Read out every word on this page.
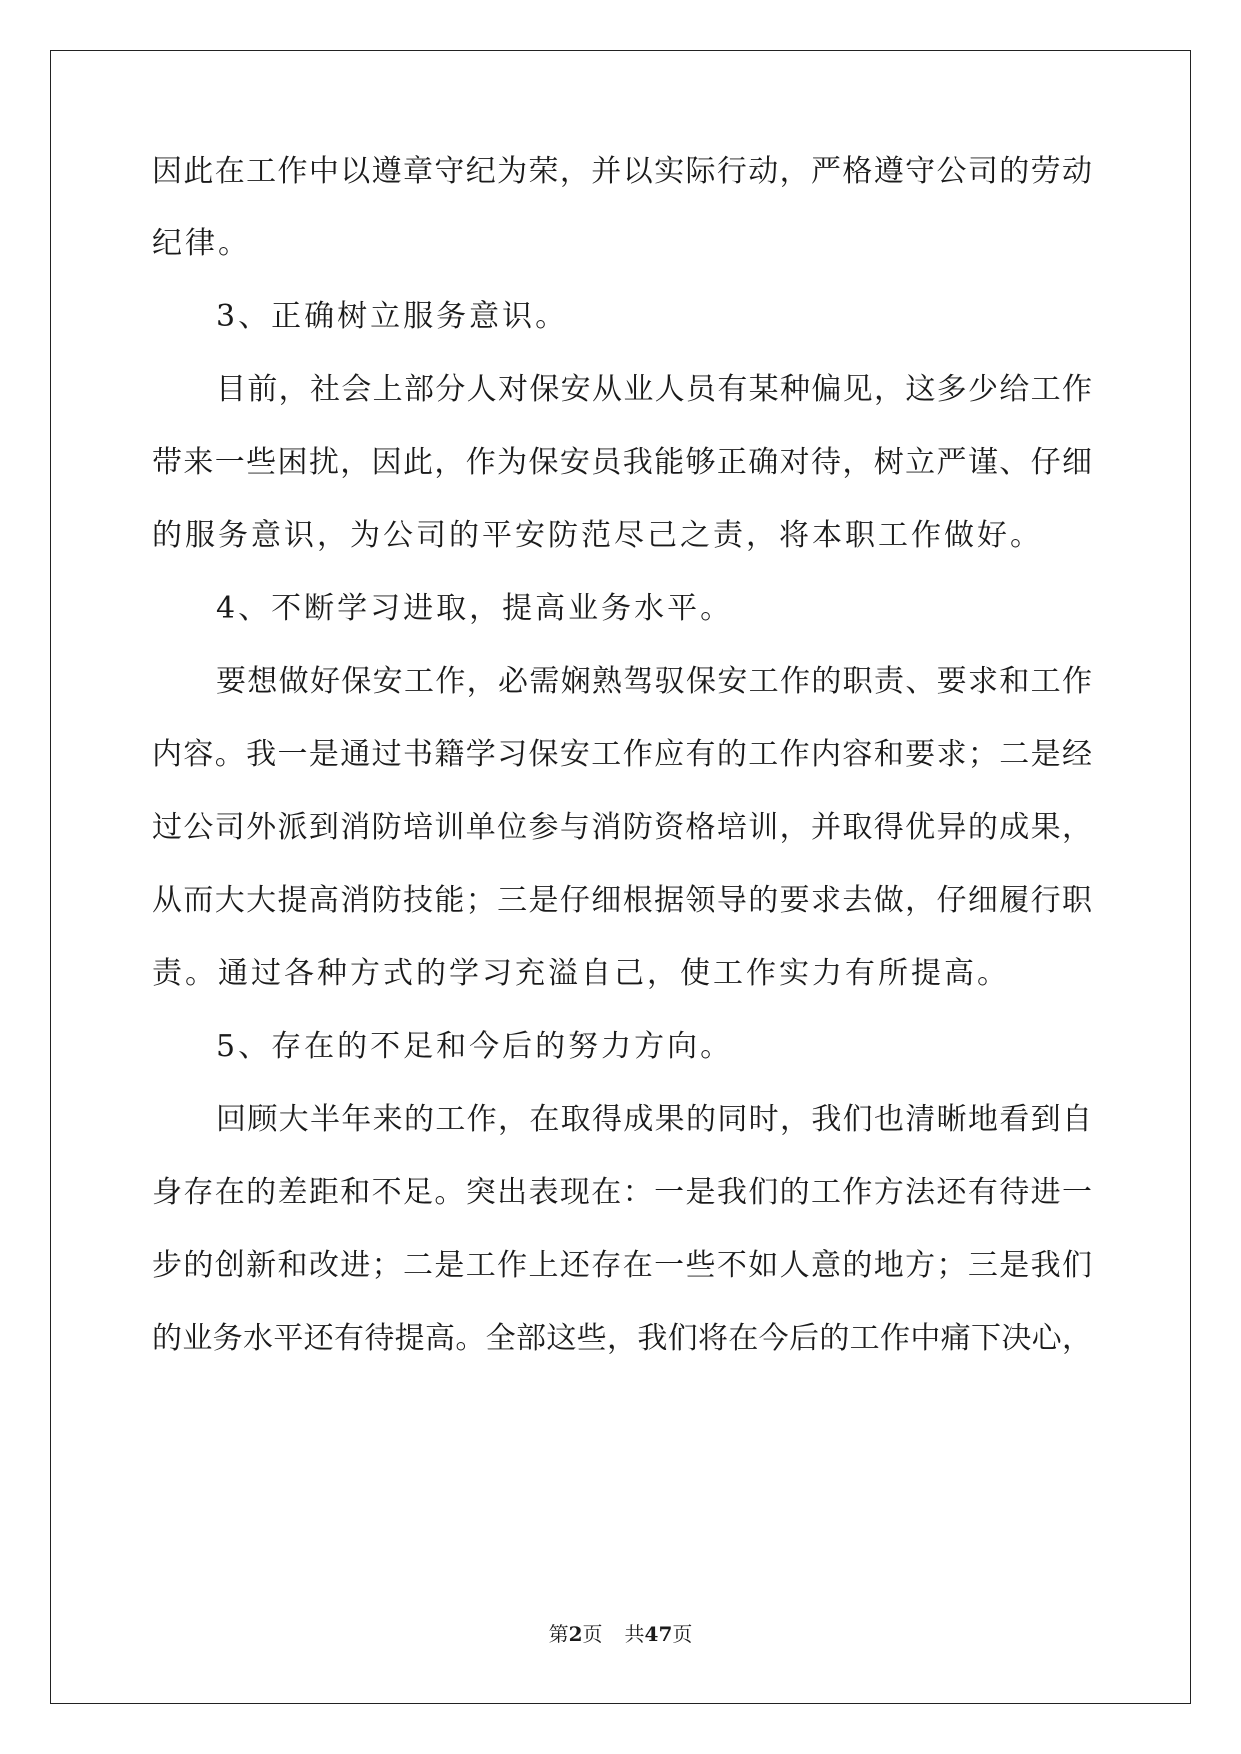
因此在工作中以遵章守纪为荣，并以实际行动，严格遵守公司的劳动
纪律。
3、正确树立服务意识。
目前，社会上部分人对保安从业人员有某种偏见，这多少给工作
带来一些困扰，因此，作为保安员我能够正确对待，树立严谨、仔细
的服务意识，为公司的平安防范尽己之责，将本职工作做好。
4、不断学习进取，提高业务水平。
要想做好保安工作，必需娴熟驾驭保安工作的职责、要求和工作
内容。我一是通过书籍学习保安工作应有的工作内容和要求；二是经
过公司外派到消防培训单位参与消防资格培训，并取得优异的成果，
从而大大提高消防技能；三是仔细根据领导的要求去做，仔细履行职
责。通过各种方式的学习充溢自己，使工作实力有所提高。
5、存在的不足和今后的努力方向。
回顾大半年来的工作，在取得成果的同时，我们也清晰地看到自
身存在的差距和不足。突出表现在：一是我们的工作方法还有待进一
步的创新和改进；二是工作上还存在一些不如人意的地方；三是我们
的业务水平还有待提高。全部这些，我们将在今后的工作中痛下决心，
第2页 共47页
